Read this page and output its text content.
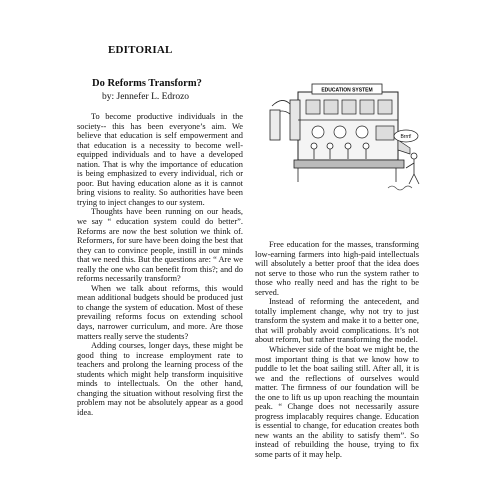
EDITORIAL
Do Reforms Transform?
by: Jennefer L. Edrozo
EDUCATION SYSTEM
Brrrt!

To become productive individuals in the society-- this has been everyone’s aim. We believe that education is self empowerment and that education is a necessity to become well-equipped individuals and to have a developed nation. That is why the importance of education is being emphasized to every individual, rich or poor. But having education alone as it is cannot bring visions to reality. So authorities have been trying to inject changes to our system.

Thoughts have been running on our heads, we say “ education system could do better”. Reforms are now the best solution we think of. Reformers, for sure have been doing the best that they can to convince people, instill in our minds that we need this. But the questions are: “ Are we really the one who can benefit from this?; and do reforms necessarily transform?

When we talk about reforms, this would mean additional budgets should be produced just to change the system of education. Most of these prevailing reforms focus on extending school days, narrower curriculum, and more. Are those matters really serve the students?

Adding courses, longer days, these might be good thing to increase employment rate to teachers and prolong the learning process of the students which might help transform inquisitive minds to intellectuals. On the other hand, changing the situation without resolving first the problem may not be absolutely appear as a good idea.

Free education for the masses, transforming low-earning farmers into high-paid intellectuals will absolutely a better proof that the idea does not serve to those who run the system rather to those who really need and has the right to be served.

Instead of reforming the antecedent, and totally implement change, why not try to just transform the system and make it to a better one, that will probably avoid complications. It’s not about reform, but rather transforming the model.

Whichever side of the boat we might be, the most important thing is that we know how to puddle to let the boat sailing still. After all, it is we and the reflections of ourselves would matter. The firmness of our foundation will be the one to lift us up upon reaching the mountain peak. “ Change does not necessarily assure progress implacably requires change. Education is essential to change, for education creates both new wants an the ability to satisfy them”. So instead of rebuilding the house, trying to fix some parts of it may help.
